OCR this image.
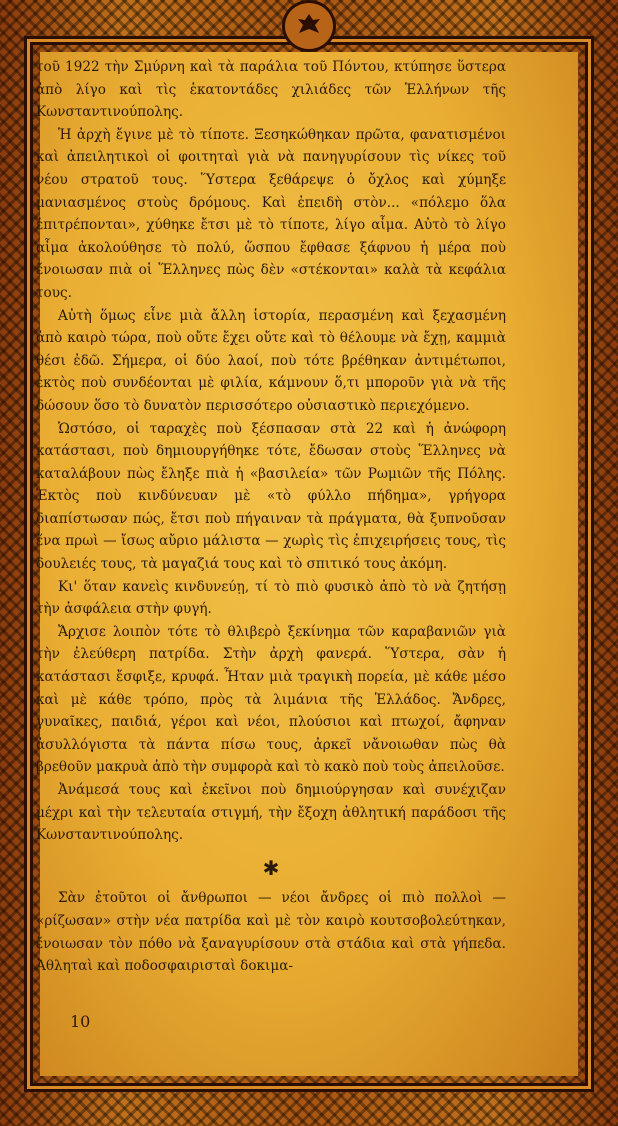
τοῦ 1922 τὴν Σμύρνη καὶ τὰ παράλια τοῦ Πόντου, κτύπησε ὕστερα ἀπὸ λίγο καὶ τὶς ἑκατοντάδες χιλιάδες τῶν Ἑλλήνων τῆς Κωνσταντινούπολης.

Ἡ ἀρχὴ ἔγινε μὲ τὸ τίποτε. Ξεσηκώθηκαν πρῶτα, φανατισμένοι καὶ ἀπειλητικοὶ οἱ φοιτηταὶ γιὰ νὰ πανηγυρίσουν τὶς νίκες τοῦ νέου στρατοῦ τους. Ὕστερα ξεθάρεψε ὁ ὄχλος καὶ χύμηξε μανιασμένος στοὺς δρόμους. Καὶ ἐπειδὴ στὸν... «πόλεμο ὅλα ἐπιτρέπονται», χύθηκε ἔτσι μὲ τὸ τίποτε, λίγο αἷμα. Αὐτὸ τὸ λίγο αἷμα ἀκολούθησε τὸ πολύ, ὥσπου ἔφθασε ξάφνου ἡ μέρα ποὺ ἔνοιωσαν πιὰ οἱ Ἕλληνες πὼς δὲν «στέκονται» καλὰ τὰ κεφάλια τους.

Αὐτὴ ὅμως εἶνε μιὰ ἄλλη ἱστορία, περασμένη καὶ ξεχασμένη ἀπὸ καιρὸ τώρα, ποὺ οὔτε ἔχει οὔτε καὶ τὸ θέλουμε νὰ ἔχῃ, καμμιὰ θέσι ἐδῶ. Σήμερα, οἱ δύο λαοί, ποὺ τότε βρέθηκαν ἀντιμέτωποι, ἐκτὸς ποὺ συνδέονται μὲ φιλία, κάμνουν ὅ,τι μποροῦν γιὰ νὰ τῆς δώσουν ὅσο τὸ δυνατὸν περισσότερο οὐσιαστικὸ περιεχόμενο.

Ὡστόσο, οἱ ταραχὲς ποὺ ξέσπασαν στὰ 22 καὶ ἡ ἀνώφορη κατάστασι, ποὺ δημιουργήθηκε τότε, ἔδωσαν στοὺς Ἕλληνες νὰ καταλάβουν πὼς ἔληξε πιὰ ἡ «βασιλεία» τῶν Ρωμιῶν τῆς Πόλης. Ἐκτὸς ποὺ κινδύνευαν μὲ «τὸ φύλλο πήδημα», γρήγορα διαπίστωσαν πώς, ἔτσι ποὺ πήγαιναν τὰ πράγματα, θὰ ξυπνοῦσαν ἕνα πρωὶ — ἴσως αὔριο μάλιστα — χωρὶς τὶς ἐπιχειρήσεις τους, τὶς δουλειές τους, τὰ μαγαζιά τους καὶ τὸ σπιτικό τους ἀκόμη.

Κι' ὅταν κανεὶς κινδυνεύῃ, τί τὸ πιὸ φυσικὸ ἀπὸ τὸ νὰ ζητήσῃ τὴν ἀσφάλεια στὴν φυγή.

Ἄρχισε λοιπὸν τότε τὸ θλιβερὸ ξεκίνημα τῶν καραβανιῶν γιὰ τὴν ἐλεύθερη πατρίδα. Στὴν ἀρχὴ φανερά. Ὕστερα, σὰν ἡ κατάστασι ἔσφιξε, κρυφά. Ἦταν μιὰ τραγικὴ πορεία, μὲ κάθε μέσο καὶ μὲ κάθε τρόπο, πρὸς τὰ λιμάνια τῆς Ἑλλάδος. Ἄνδρες, γυναῖκες, παιδιά, γέροι καὶ νέοι, πλούσιοι καὶ πτωχοί, ἄφηναν ἀσυλλόγιστα τὰ πάντα πίσω τους, ἀρκεῖ νἄνοιωθαν πὼς θὰ βρεθοῦν μακρυὰ ἀπὸ τὴν συμφορὰ καὶ τὸ κακὸ ποὺ τοὺς ἀπειλοῦσε.

Ἀνάμεσά τους καὶ ἐκεῖνοι ποὺ δημιούργησαν καὶ συνέχιζαν μέχρι καὶ τὴν τελευταία στιγμή, τὴν ἔξοχη ἀθλητική παράδοσι τῆς Κωνσταντινούπολης.

✱

Σὰν ἐτοῦτοι οἱ ἄνθρωποι — νέοι ἄνδρες οἱ πιὸ πολλοὶ — «ρίζωσαν» στὴν νέα πατρίδα καὶ μὲ τὸν καιρὸ κουτσοβολεύτηκαν, ἔνοιωσαν τὸν πόθο νὰ ξαναγυρίσουν στὰ στάδια καὶ στὰ γήπεδα. Ἀθληταὶ καὶ ποδοσφαιρισταὶ δοκιμα-

10
